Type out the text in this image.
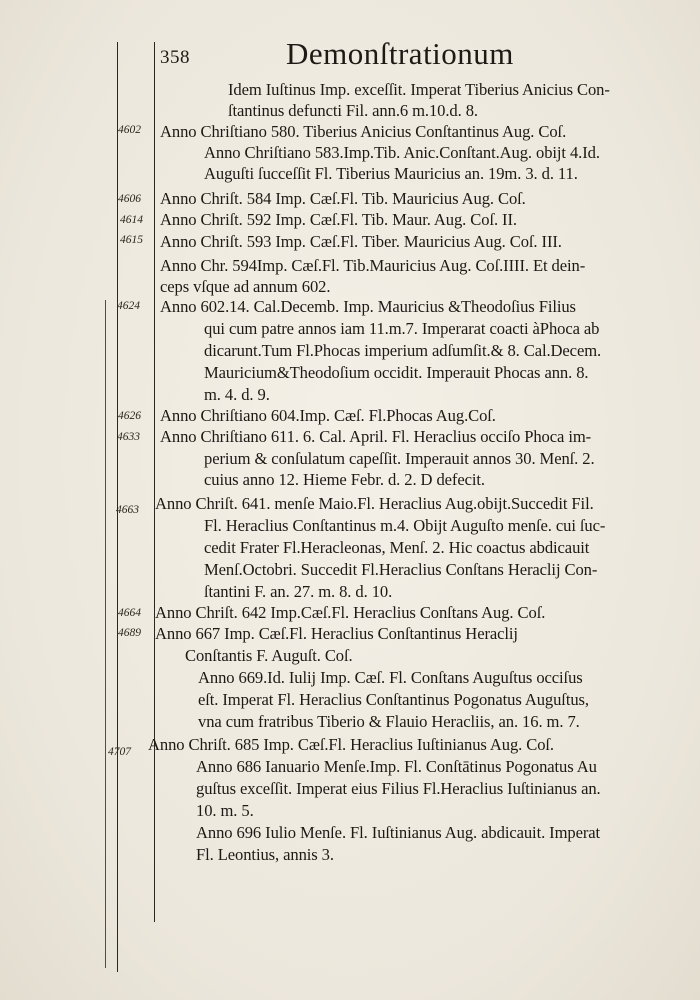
358	Demonſtrationum
Idem Iuſtinus Imp. exceſſit. Imperat Tiberius Anicius Con-
ſtantinus defuncti Fil. ann.6 m.10.d. 8.
4602 Anno Chriſtiano 580. Tiberius Anicius Conſtantinus Aug. Coſ.
Anno Chriſtiano 583.Imp.Tib. Anic.Conſtant.Aug. obijt 4.Id.
Auguſti ſucceſſit Fl. Tiberius Mauricius an. 19m. 3. d. 11.
4606 Anno Chriſt. 584 Imp. Cæſ.Fl. Tib. Mauricius Aug. Coſ.
4614 Anno Chriſt. 592 Imp. Cæſ.Fl. Tib. Maur. Aug. Coſ. II.
4615 Anno Chriſt. 593 Imp. Cæſ.Fl. Tiber. Mauricius Aug. Coſ. III.
Anno Chr. 594Imp. Cæſ.Fl. Tib.Mauricius Aug. Coſ.IIII. Et dein-
ceps vſque ad annum 602.
4624 Anno 602.14. Cal.Decemb. Imp. Mauricius &Theodoſius Filius
qui cum patre annos iam 11.m.7. Imperarat coacti àPhoca ab
dicarunt.Tum Fl.Phocas imperium adſumſit.& 8. Cal.Decem.
Mauricium&Theodoſium occidit. Imperauit Phocas ann. 8.
m. 4. d. 9.
4626 Anno Chriſtiano 604.Imp. Cæſ. Fl.Phocas Aug.Coſ.
4633 Anno Chriſtiano 611. 6. Cal. April. Fl. Heraclius occiſo Phoca im-
perium & conſulatum capeſſit. Imperauit annos 30. Menſ. 2.
cuius anno 12. Hieme Febr. d. 2. D defecit.
4663 Anno Chriſt. 641. menſe Maio.Fl. Heraclius Aug.obijt.Succedit Fil.
Fl. Heraclius Conſtantinus m.4. Obijt Auguſto menſe. cui ſuc-
cedit Frater Fl.Heracleonas, Menſ. 2. Hic coactus abdicauit
Menſ.Octobri. Succedit Fl.Heraclius Conſtans Heraclij Con-
ſtantini F. an. 27. m. 8. d. 10.
4664 Anno Chriſt. 642 Imp.Cæſ.Fl. Heraclius Conſtans Aug. Coſ.
4689 Anno 667 Imp. Cæſ.Fl. Heraclius Conſtantinus Heraclij
Conſtantis F. Auguſt. Coſ.
Anno 669.Id. Iulij Imp. Cæſ. Fl. Conſtans Auguſtus occiſus
eſt. Imperat Fl. Heraclius Conſtantinus Pogonatus Auguſtus,
vna cum fratribus Tiberio & Flauio Heracliis, an. 16. m. 7.
4707 Anno Chriſt. 685 Imp. Cæſ.Fl. Heraclius Iuſtinianus Aug. Coſ.
Anno 686 Ianuario Menſe.Imp. Fl. Conſtātinus Pogonatus Au
guſtus exceſſit. Imperat eius Filius Fl.Heraclius Iuſtinianus an.
10. m. 5.
Anno 696 Iulio Menſe. Fl. Iuſtinianus Aug. abdicauit. Imperat
Fl. Leontius, annis 3.
